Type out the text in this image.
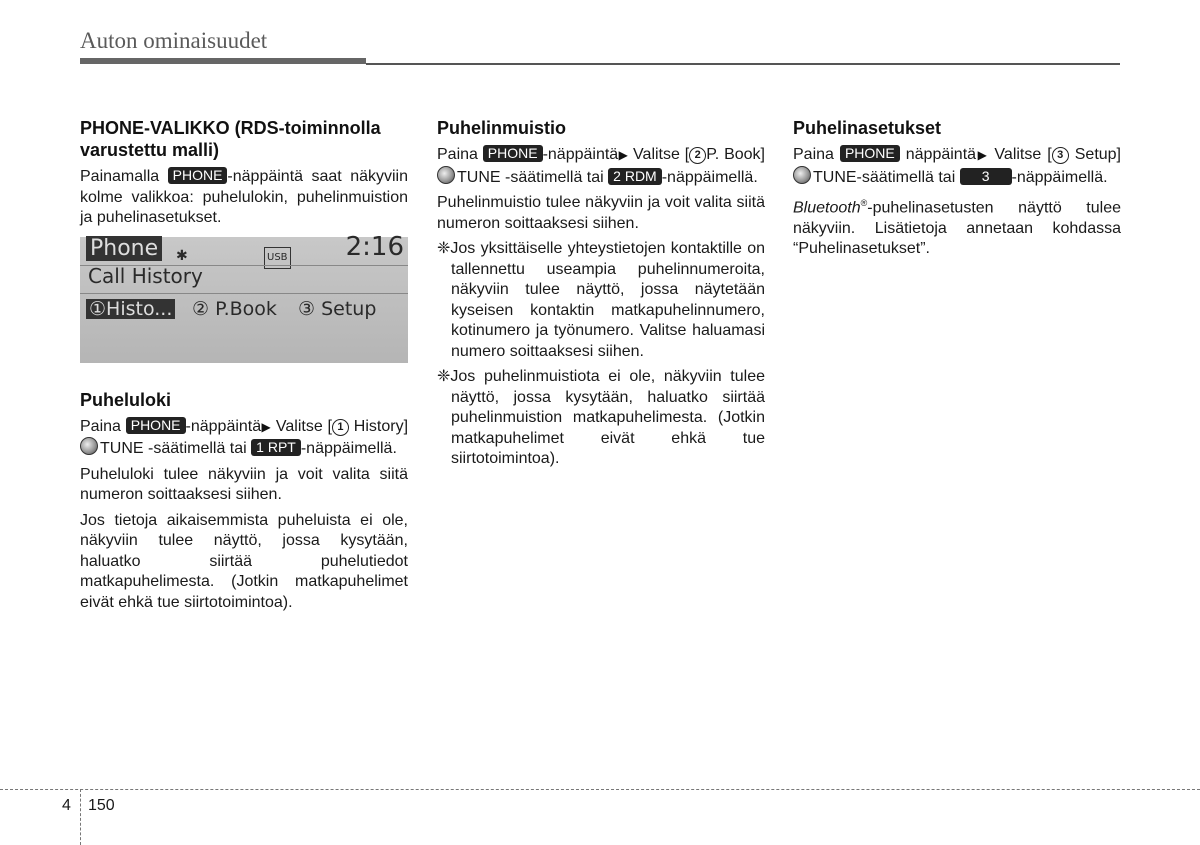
Auton ominaisuudet
PHONE-VALIKKO (RDS-toiminnolla varustettu malli)

Painamalla PHONE -näppäintä saat näkyviin kolme valikkoa: puhelulokin, puhelinmuistion ja puhelinasetukset.

Phone ✱	USB 2:16
Call History
①Histo... ② P.Book ③ Setup
Puheluloki

Paina PHONE -näppäintä▶ Valitse [ 1 History] TUNE -säätimellä tai 1 RPT -näppäimellä.

Puheluloki tulee näkyviin ja voit valita siitä numeron soittaaksesi siihen.

Jos tietoja aikaisemmista puheluista ei ole, näkyviin tulee näyttö, jossa kysytään, haluatko siirtää puhelutiedot matkapuhelimesta. (Jotkin matkapuhelimet eivät ehkä tue siirtotoimintoa).

Puhelinmuistio

Paina PHONE -näppäintä▶ Valitse [ 2 P. Book] TUNE -säätimellä tai 2 RDM -näppäimellä.

Puhelinmuistio tulee näkyviin ja voit valita siitä numeron soittaaksesi siihen.

❈Jos yksittäiselle yhteystietojen kontaktille on tallennettu useampia puhelinnumeroita, näkyviin tulee näyttö, jossa näytetään kyseisen kontaktin matkapuhelinnumero, kotinumero ja työnumero. Valitse haluamasi numero soittaaksesi siihen.

❈Jos puhelinmuistiota ei ole, näkyviin tulee näyttö, jossa kysytään, haluatko siirtää puhelinmuistion matkapuhelimesta. (Jotkin matkapuhelimet eivät ehkä tue siirtotoimintoa).

Puhelinasetukset

Paina PHONE näppäintä▶ Valitse [ 3 Setup] TUNE-säätimellä tai 3 -näppäimellä.

Bluetooth®-puhelinasetusten näyttö tulee näkyviin. Lisätietoja annetaan kohdassa “Puhelinasetukset”.

4 150
